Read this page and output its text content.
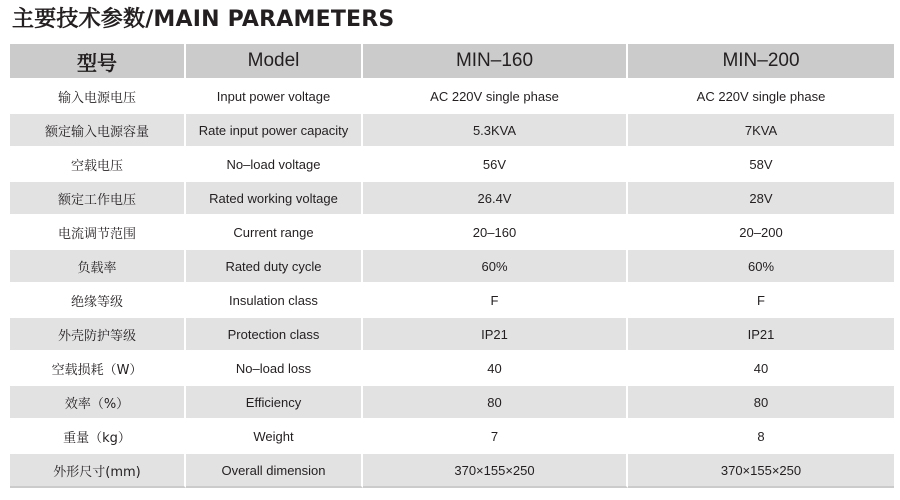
主要技术参数/MAIN PARAMETERS
型号	Model	MIN–160	MIN–200
输入电源电压	Input power voltage	AC 220V single phase	AC 220V single phase
额定输入电源容量	Rate input power capacity	5.3KVA	7KVA
空载电压	No–load voltage	56V	58V
额定工作电压	Rated working voltage	26.4V	28V
电流调节范围	Current range	20–160	20–200
负载率	Rated duty cycle	60%	60%
绝缘等级	Insulation class	F	F
外壳防护等级	Protection class	IP21	IP21
空载损耗（W）	No–load loss	40	40
效率（%）	Efficiency	80	80
重量（kg）	Weight	7	8
外形尺寸(mm)	Overall dimension	370×155×250	370×155×250
